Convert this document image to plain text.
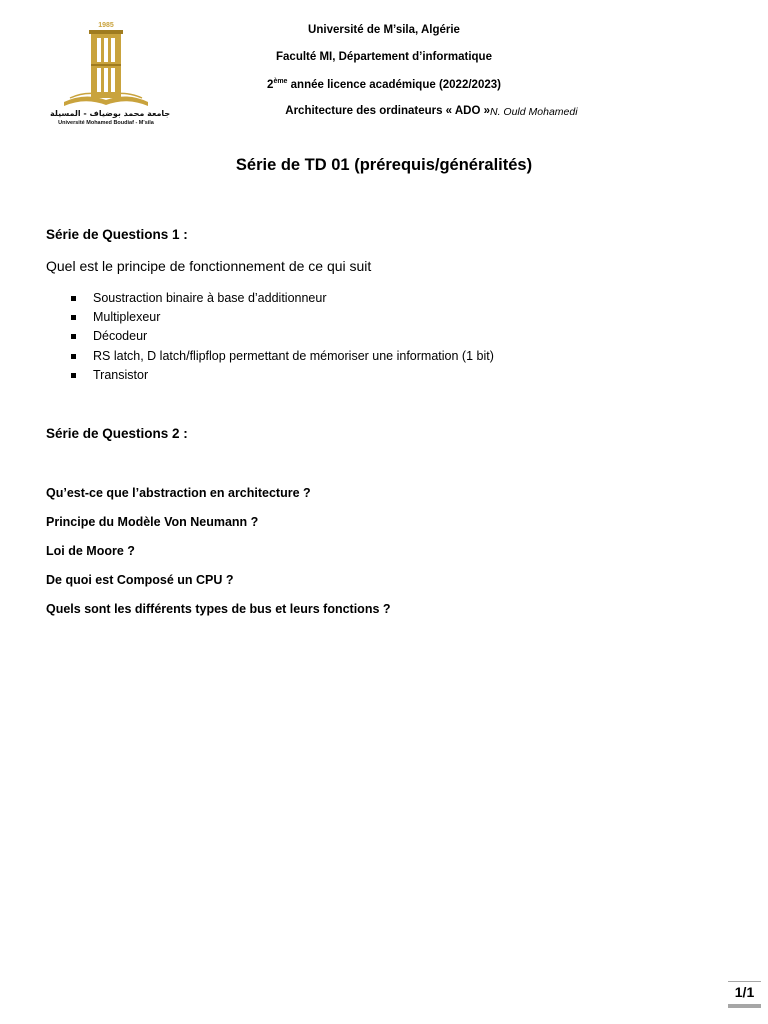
1985
جامعة محمد بوضياف - المسيلة
Université Mohamed Boudiaf - M'sila
Université de M’sila, Algérie
Faculté MI, Département d’informatique
2ème année licence académique (2022/2023)
Architecture des ordinateurs « ADO » N. Ould Mohamedi
Série de TD 01 (prérequis/généralités)
Série de Questions 1 :
Quel est le principe de fonctionnement de ce qui suit
Soustraction binaire à base d’additionneur
Multiplexeur
Décodeur
RS latch, D latch/flipflop permettant de mémoriser une information (1 bit)
Transistor
Série de Questions 2 :
Qu’est-ce que l’abstraction en architecture ?
Principe du Modèle Von Neumann ?
Loi de Moore ?
De quoi est Composé un CPU ?
Quels sont les différents types de bus et leurs fonctions ?
1/1
